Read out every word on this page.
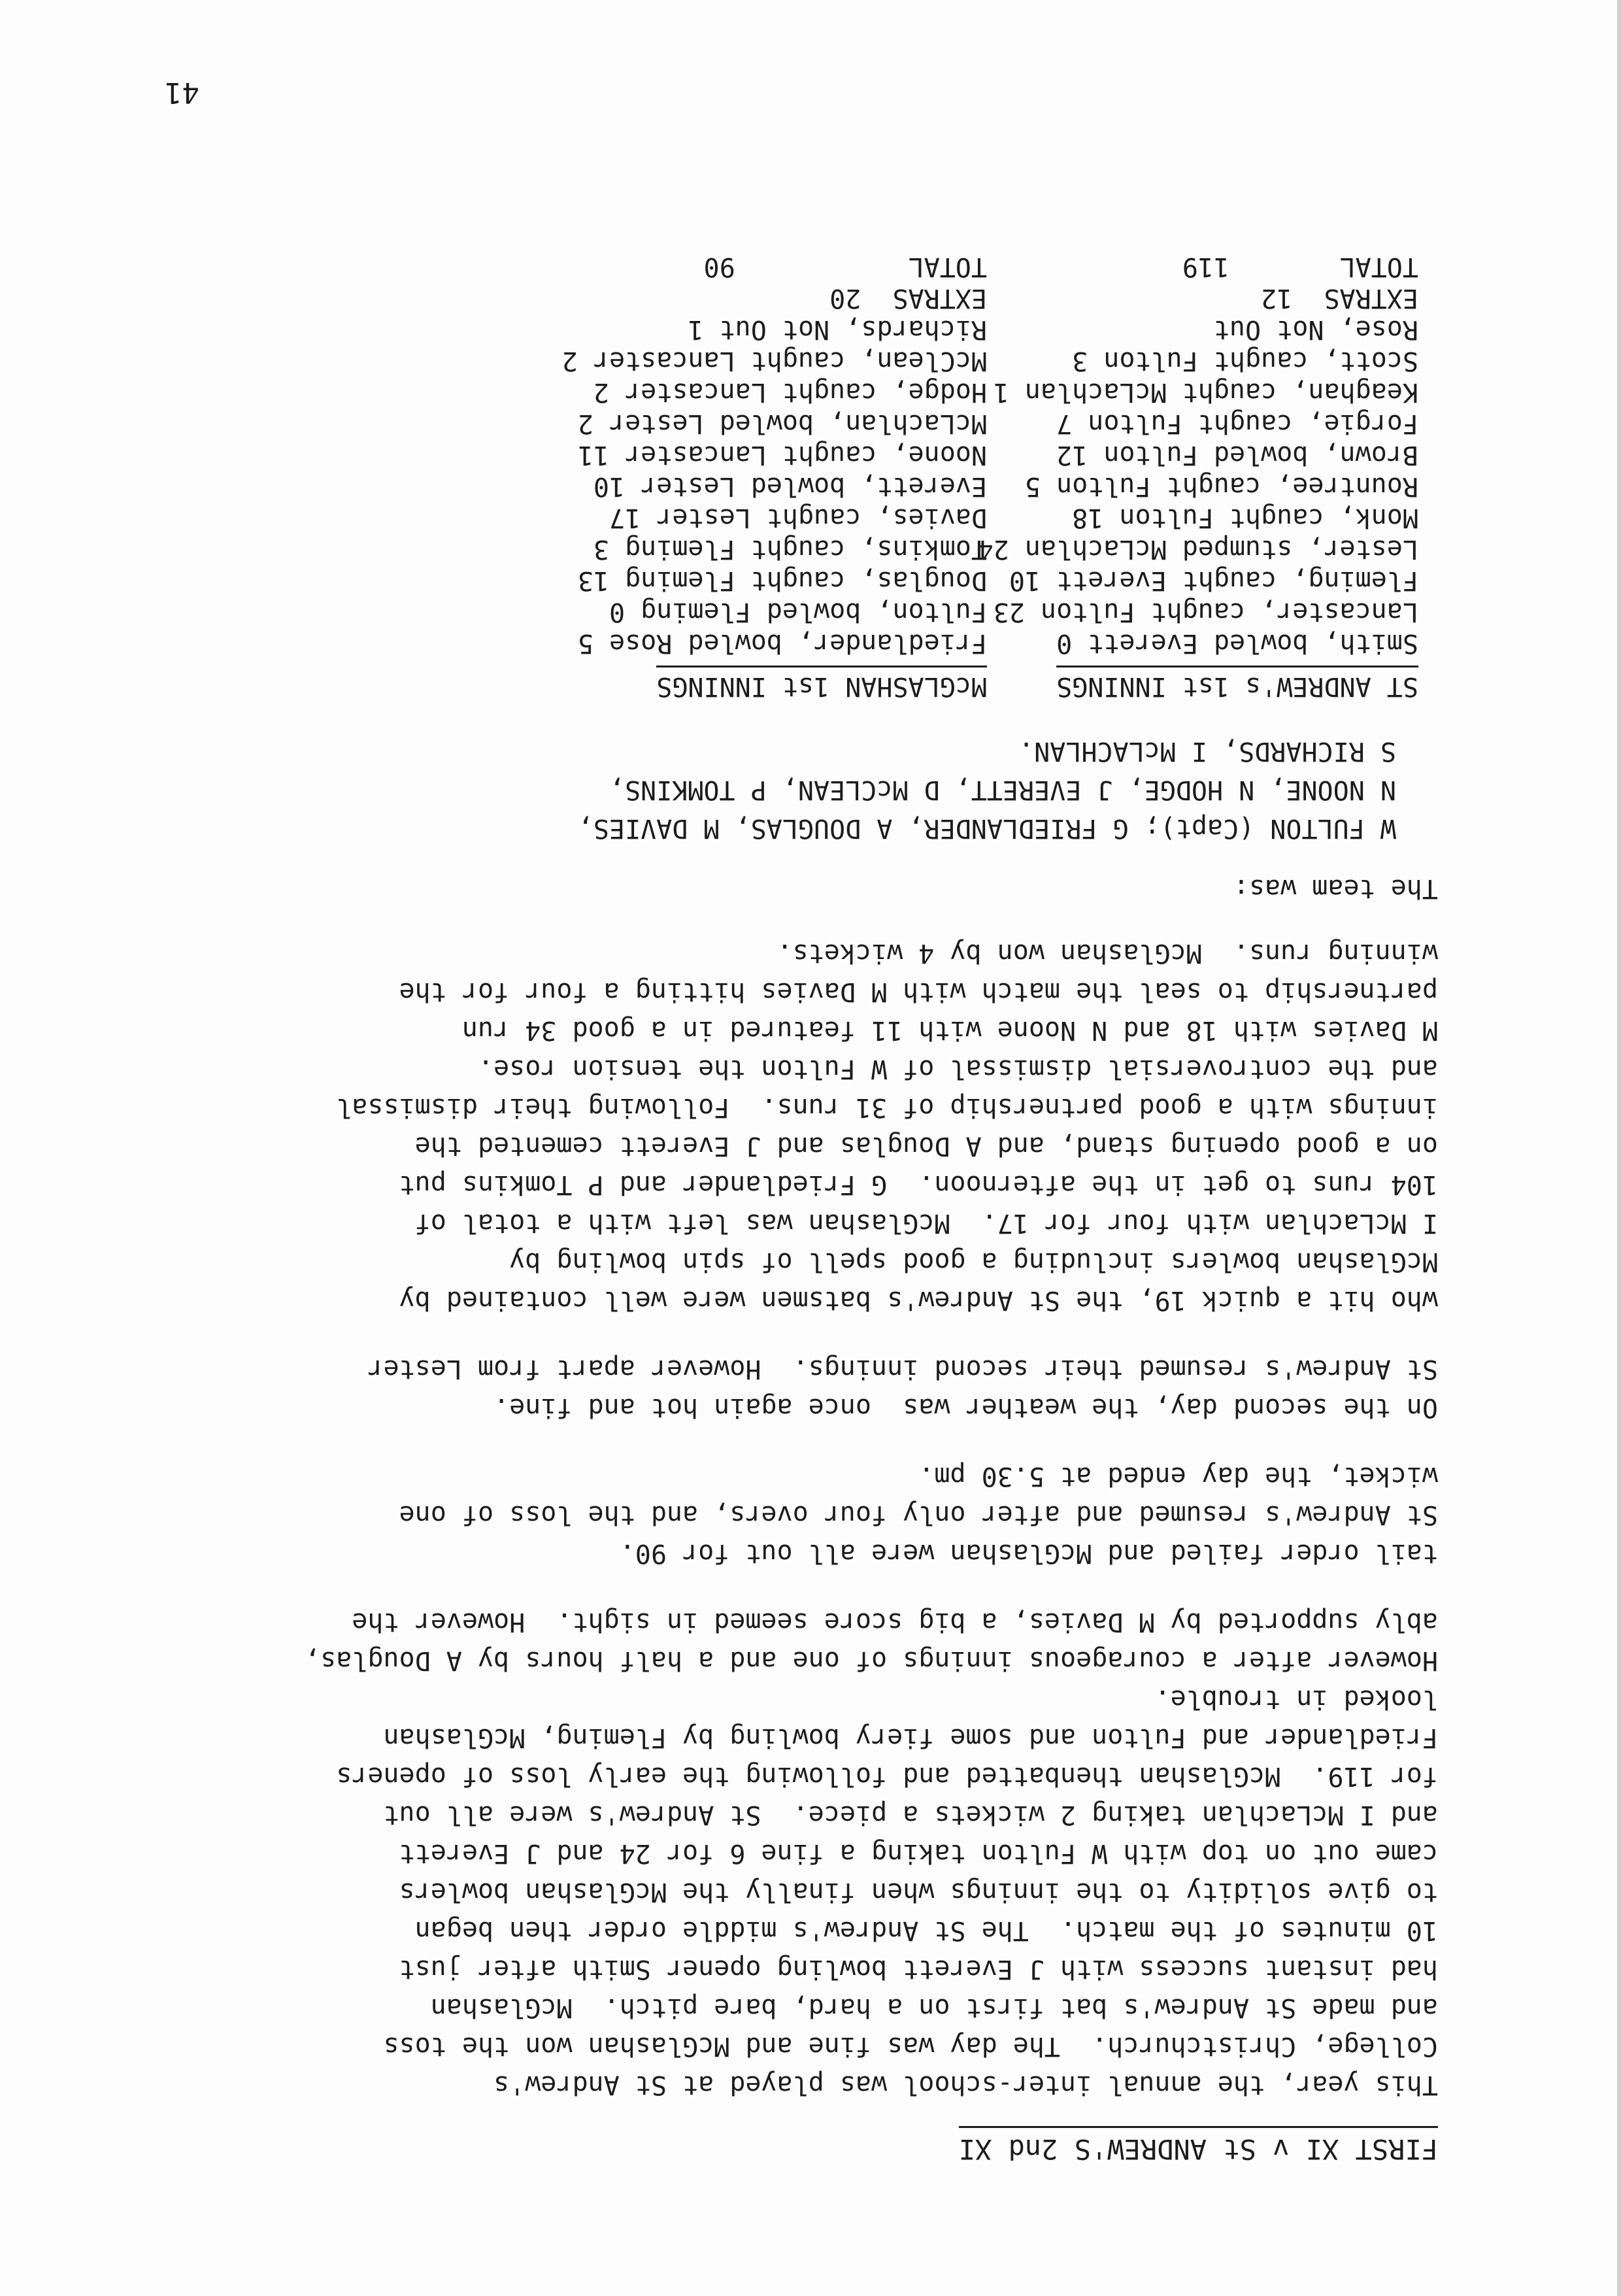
FIRST XI v St ANDREW'S 2nd XI
This year, the annual inter-school was played at St Andrew's
College, Christchurch.  The day was fine and McGlashan won the toss
and made St Andrew's bat first on a hard, bare pitch.  McGlashan
had instant success with J Everett bowling opener Smith after just
10 minutes of the match.  The St Andrew's middle order then began
to give solidity to the innings when finally the McGlashan bowlers
came out on top with W Fulton taking a fine 6 for 24 and J Everett
and I McLachlan taking 2 wickets a piece.  St Andrew's were all out
for 119.  McGlashan thenbatted and following the early loss of openers
Friedlander and Fulton and some fiery bowling by Fleming, McGlashan
looked in trouble.
However after a courageous innings of one and a half hours by A Douglas,
ably supported by M Davies, a big score seemed in sight.  However the
tail order failed and McGlashan were all out for 90.
St Andrew's resumed and after only four overs, and the loss of one
wicket, the day ended at 5.30 pm.
On the second day, the weather was  once again hot and fine.
St Andrew's resumed their second innings.  However apart from Lester
who hit a quick 19, the St Andrew's batsmen were well contained by
McGlashan bowlers including a good spell of spin bowling by
I McLachlan with four for 17.  McGlashan was left with a total of
104 runs to get in the afternoon.  G Friedlander and P Tomkins put
on a good opening stand, and A Douglas and J Everett cemented the
innings with a good partnership of 31 runs.  Following their dismissal
and the controversial dismissal of W Fulton the tension rose.
M Davies with 18 and N Noone with 11 featured in a good 34 run
partnership to seal the match with M Davies hitting a four for the
winning runs.  McGlashan won by 4 wickets.
The team was:
W FULTON (Capt); G FRIEDLANDER, A DOUGLAS, M DAVIES,
N NOONE, N HODGE, J EVERETT, D McCLEAN, P TOMKINS,
S RICHARDS, I McLACHLAN.
ST ANDREW's 1st INNINGS
Smith, bowled Everett 0
Lancaster, caught Fulton 23
Fleming, caught Everett 10
Lester, stumped McLachlan 24
Monk, caught Fulton 18
Rountree, caught Fulton 5
Brown, bowled Fulton 12
Forgie, caught Fulton 7
Keaghan, caught McLachlan 1
Scott, caught Fulton 3
Rose, Not Out
EXTRAS  12
TOTAL       119
McGLASHAN 1st INNINGS
Friedlander, bowled Rose 5
Fulton, bowled Fleming 0
Douglas, caught Fleming 13
Tomkins, caught Fleming 3
Davies, caught Lester 17
Everett, bowled Lester 10
Noone, caught Lancaster 11
McLachlan, bowled Lester 2
Hodge, caught Lancaster 2
McClean, caught Lancaster 2
Richards, Not Out 1
EXTRAS  20
TOTAL           90
41
